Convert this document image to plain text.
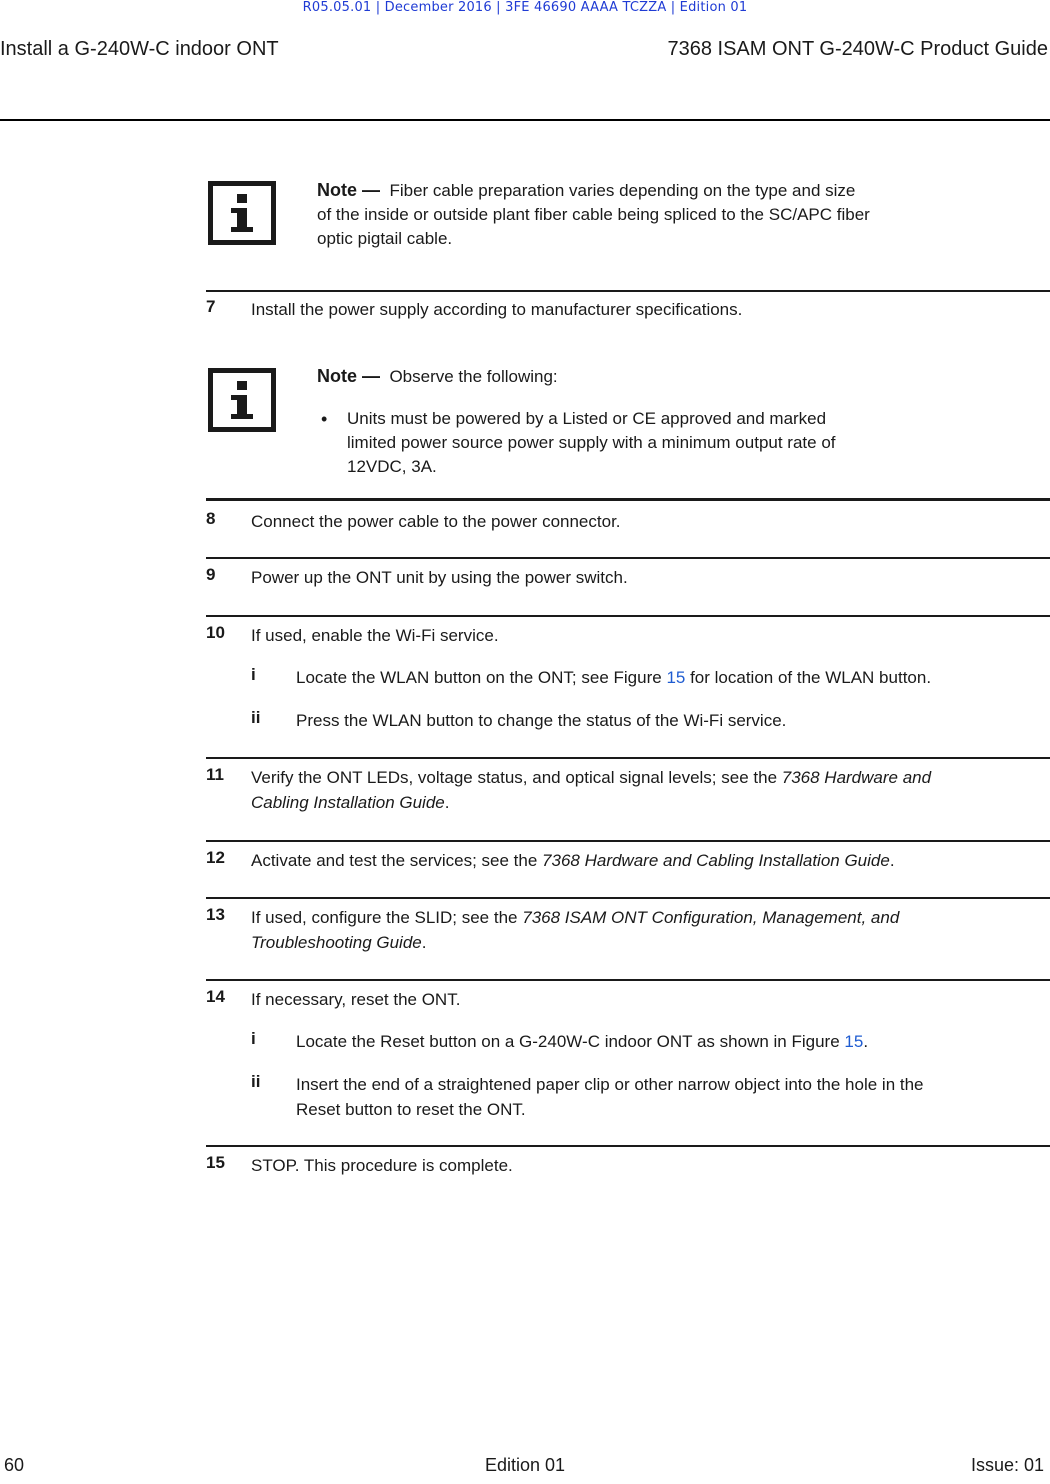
R05.05.01 | December 2016 | 3FE 46690 AAAA TCZZA | Edition 01
Install a G-240W-C indoor ONT	7368 ISAM ONT G-240W-C Product Guide
Note — Fiber cable preparation varies depending on the type and size
of the inside or outside plant fiber cable being spliced to the SC/APC fiber
optic pigtail cable.
7 Install the power supply according to manufacturer specifications.
Note — Observe the following:
• Units must be powered by a Listed or CE approved and marked
limited power source power supply with a minimum output rate of
12VDC, 3A.
8 Connect the power cable to the power connector.
9 Power up the ONT unit by using the power switch.
10 If used, enable the Wi-Fi service.
i Locate the WLAN button on the ONT; see Figure 15 for location of the WLAN button.
ii Press the WLAN button to change the status of the Wi-Fi service.
11 Verify the ONT LEDs, voltage status, and optical signal levels; see the 7368 Hardware and
Cabling Installation Guide.
12 Activate and test the services; see the 7368 Hardware and Cabling Installation Guide.
13 If used, configure the SLID; see the 7368 ISAM ONT Configuration, Management, and
Troubleshooting Guide.
14 If necessary, reset the ONT.
i Locate the Reset button on a G-240W-C indoor ONT as shown in Figure 15.
ii Insert the end of a straightened paper clip or other narrow object into the hole in the
Reset button to reset the ONT.
15 STOP. This procedure is complete.
60	Edition 01	Issue: 01
